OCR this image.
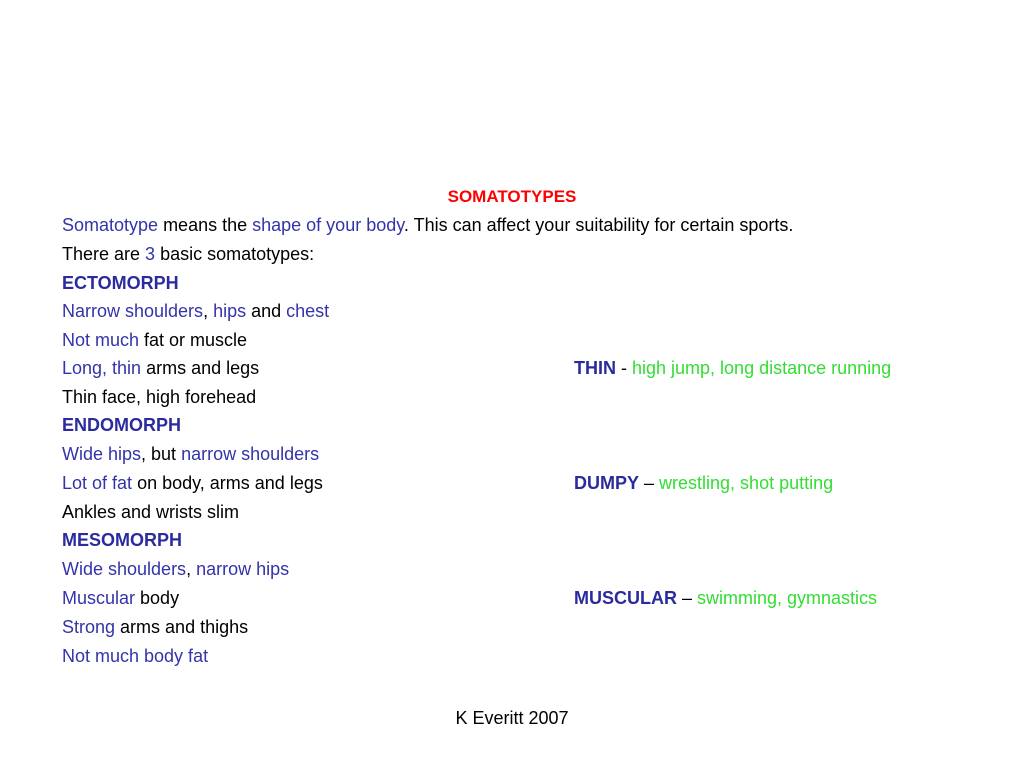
SOMATOTYPES
Somatotype means the shape of your body. This can affect your suitability for certain sports.
There are 3 basic somatotypes:
ECTOMORPH
Narrow shoulders, hips and chest
Not much fat or muscle
Long, thin arms and legs	THIN - high jump, long distance running
Thin face, high forehead
ENDOMORPH
Wide hips, but narrow shoulders
Lot of fat on body, arms and legs	DUMPY – wrestling, shot putting
Ankles and wrists slim
MESOMORPH
Wide shoulders, narrow hips
Muscular body	MUSCULAR – swimming, gymnastics
Strong arms and thighs
Not much body fat
K Everitt 2007
